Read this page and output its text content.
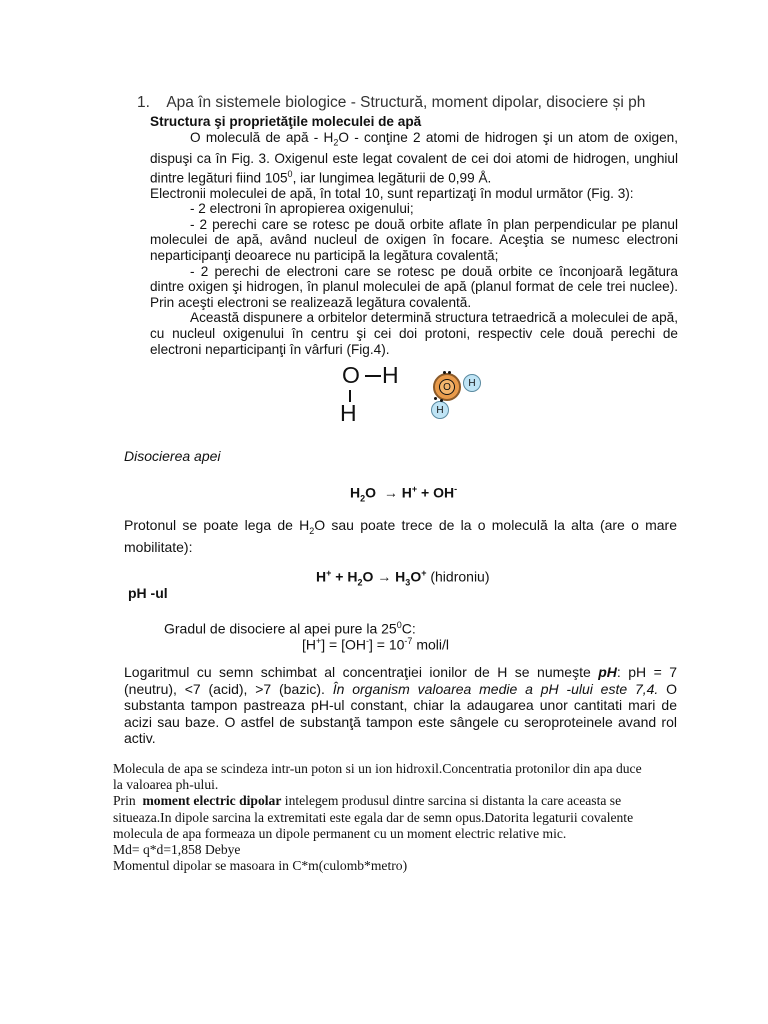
1. Apa în sistemele biologice - Structură, moment dipolar, disociere și ph

Structura şi proprietăţile moleculei de apă

O moleculă de apă - $H_2O$ - conţine 2 atomi de hidrogen şi un atom de oxigen, dispuşi ca în Fig. 3. Oxigenul este legat covalent de cei doi atomi de hidrogen, unghiul dintre legături fiind $105^0$, iar lungimea legăturii de 0,99 Å.

Electronii moleculei de apă, în total 10, sunt repartizaţi în modul următor (Fig. 3):

- 2 electroni în apropierea oxigenului;

- 2 perechi care se rotesc pe două orbite aflate în plan perpendicular pe planul moleculei de apă, având nucleul de oxigen în focare. Aceştia se numesc electroni neparticipanţi deoarece nu participă la legătura covalentă;

- 2 perechi de electroni care se rotesc pe două orbite ce înconjoară legătura dintre oxigen şi hidrogen, în planul moleculei de apă (planul format de cele trei nuclee). Prin aceşti electroni se realizează legătura covalentă.

Această dispunere a orbitelor determină structura tetraedrică a moleculei de apă, cu nucleul oxigenului în centru şi cei doi protoni, respectiv cele două perechi de electroni neparticipanţi în vârfuri (Fig.4).

O H
H
O	H
H
Disocierea apei
$H_2O \to H^+ + OH^-$
Protonul se poate lega de $H_2O$ sau poate trece de la o moleculă la alta (are o mare mobilitate):
$H^+ + H_2O \to H_3O^+$ (hidroniu)
pH -ul
Gradul de disociere al apei pure la $25^0C$:
$[H^+] = [OH^-] = 10^{-7}$ moli/l
Logaritmul cu semn schimbat al concentraţiei ionilor de H se numeşte pH: pH = 7 (neutru), <7 (acid), >7 (bazic). În organism valoarea medie a pH -ului este 7,4. O substanta tampon pastreaza pH-ul constant, chiar la adaugarea unor cantitati mari de acizi sau baze. O astfel de substanţă tampon este sângele cu seroproteinele avand rol activ.

Molecula de apa se scindeza intr-un poton si un ion hidroxil.Concentratia protonilor din apa duce la valoarea ph-ului.

Prin moment electric dipolar intelegem produsul dintre sarcina si distanta la care aceasta se situeaza.In dipole sarcina la extremitati este egala dar de semn opus.Datorita legaturii covalente molecula de apa formeaza un dipole permanent cu un moment electric relative mic.

Md= q*d=1,858 Debye

Momentul dipolar se masoara in C*m(culomb*metro)
